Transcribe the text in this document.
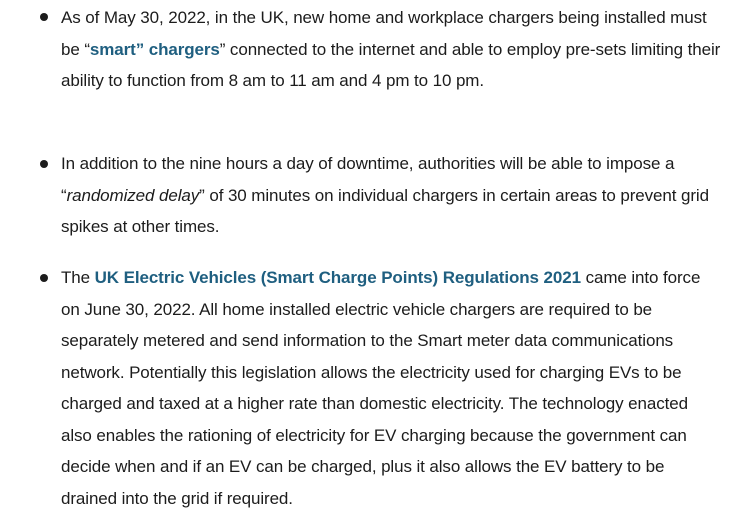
As of May 30, 2022, in the UK, new home and workplace chargers being installed must be “smart” chargers” connected to the internet and able to employ pre-sets limiting their ability to function from 8 am to 11 am and 4 pm to 10 pm.
In addition to the nine hours a day of downtime, authorities will be able to impose a “randomized delay” of 30 minutes on individual chargers in certain areas to prevent grid spikes at other times.
The UK Electric Vehicles (Smart Charge Points) Regulations 2021 came into force on June 30, 2022. All home installed electric vehicle chargers are required to be separately metered and send information to the Smart meter data communications network. Potentially this legislation allows the electricity used for charging EVs to be charged and taxed at a higher rate than domestic electricity. The technology enacted also enables the rationing of electricity for EV charging because the government can decide when and if an EV can be charged, plus it also allows the EV battery to be drained into the grid if required.
